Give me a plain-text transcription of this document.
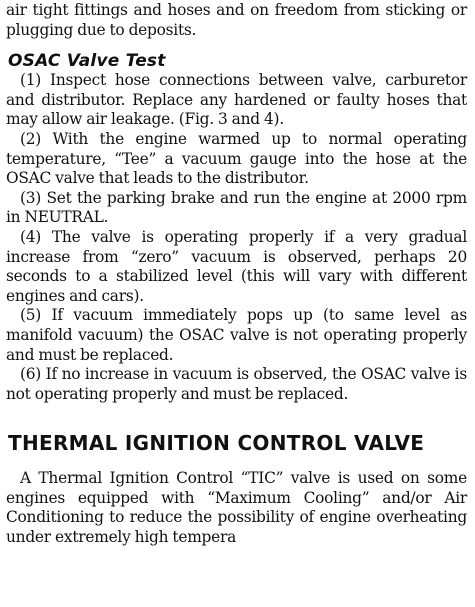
air tight fittings and hoses and on freedom from sticking or plugging due to deposits.

OSAC Valve Test

(1) Inspect hose connections between valve, carburetor and distributor. Replace any hardened or faulty hoses that may allow air leakage. (Fig. 3 and 4).

(2) With the engine warmed up to normal operating temperature, “Tee” a vacuum gauge into the hose at the OSAC valve that leads to the distributor.

(3) Set the parking brake and run the engine at 2000 rpm in NEUTRAL.

(4) The valve is operating properly if a very gradual increase from “zero” vacuum is observed, perhaps 20 seconds to a stabilized level (this will vary with different engines and cars).

(5) If vacuum immediately pops up (to same level as manifold vacuum) the OSAC valve is not operating properly and must be replaced.

(6) If no increase in vacuum is observed, the OSAC valve is not operating properly and must be replaced.

THERMAL IGNITION CONTROL VALVE

A Thermal Ignition Control “TIC” valve is used on some engines equipped with “Maximum Cooling” and/or Air Conditioning to reduce the possibility of engine overheating under extremely high tempera
